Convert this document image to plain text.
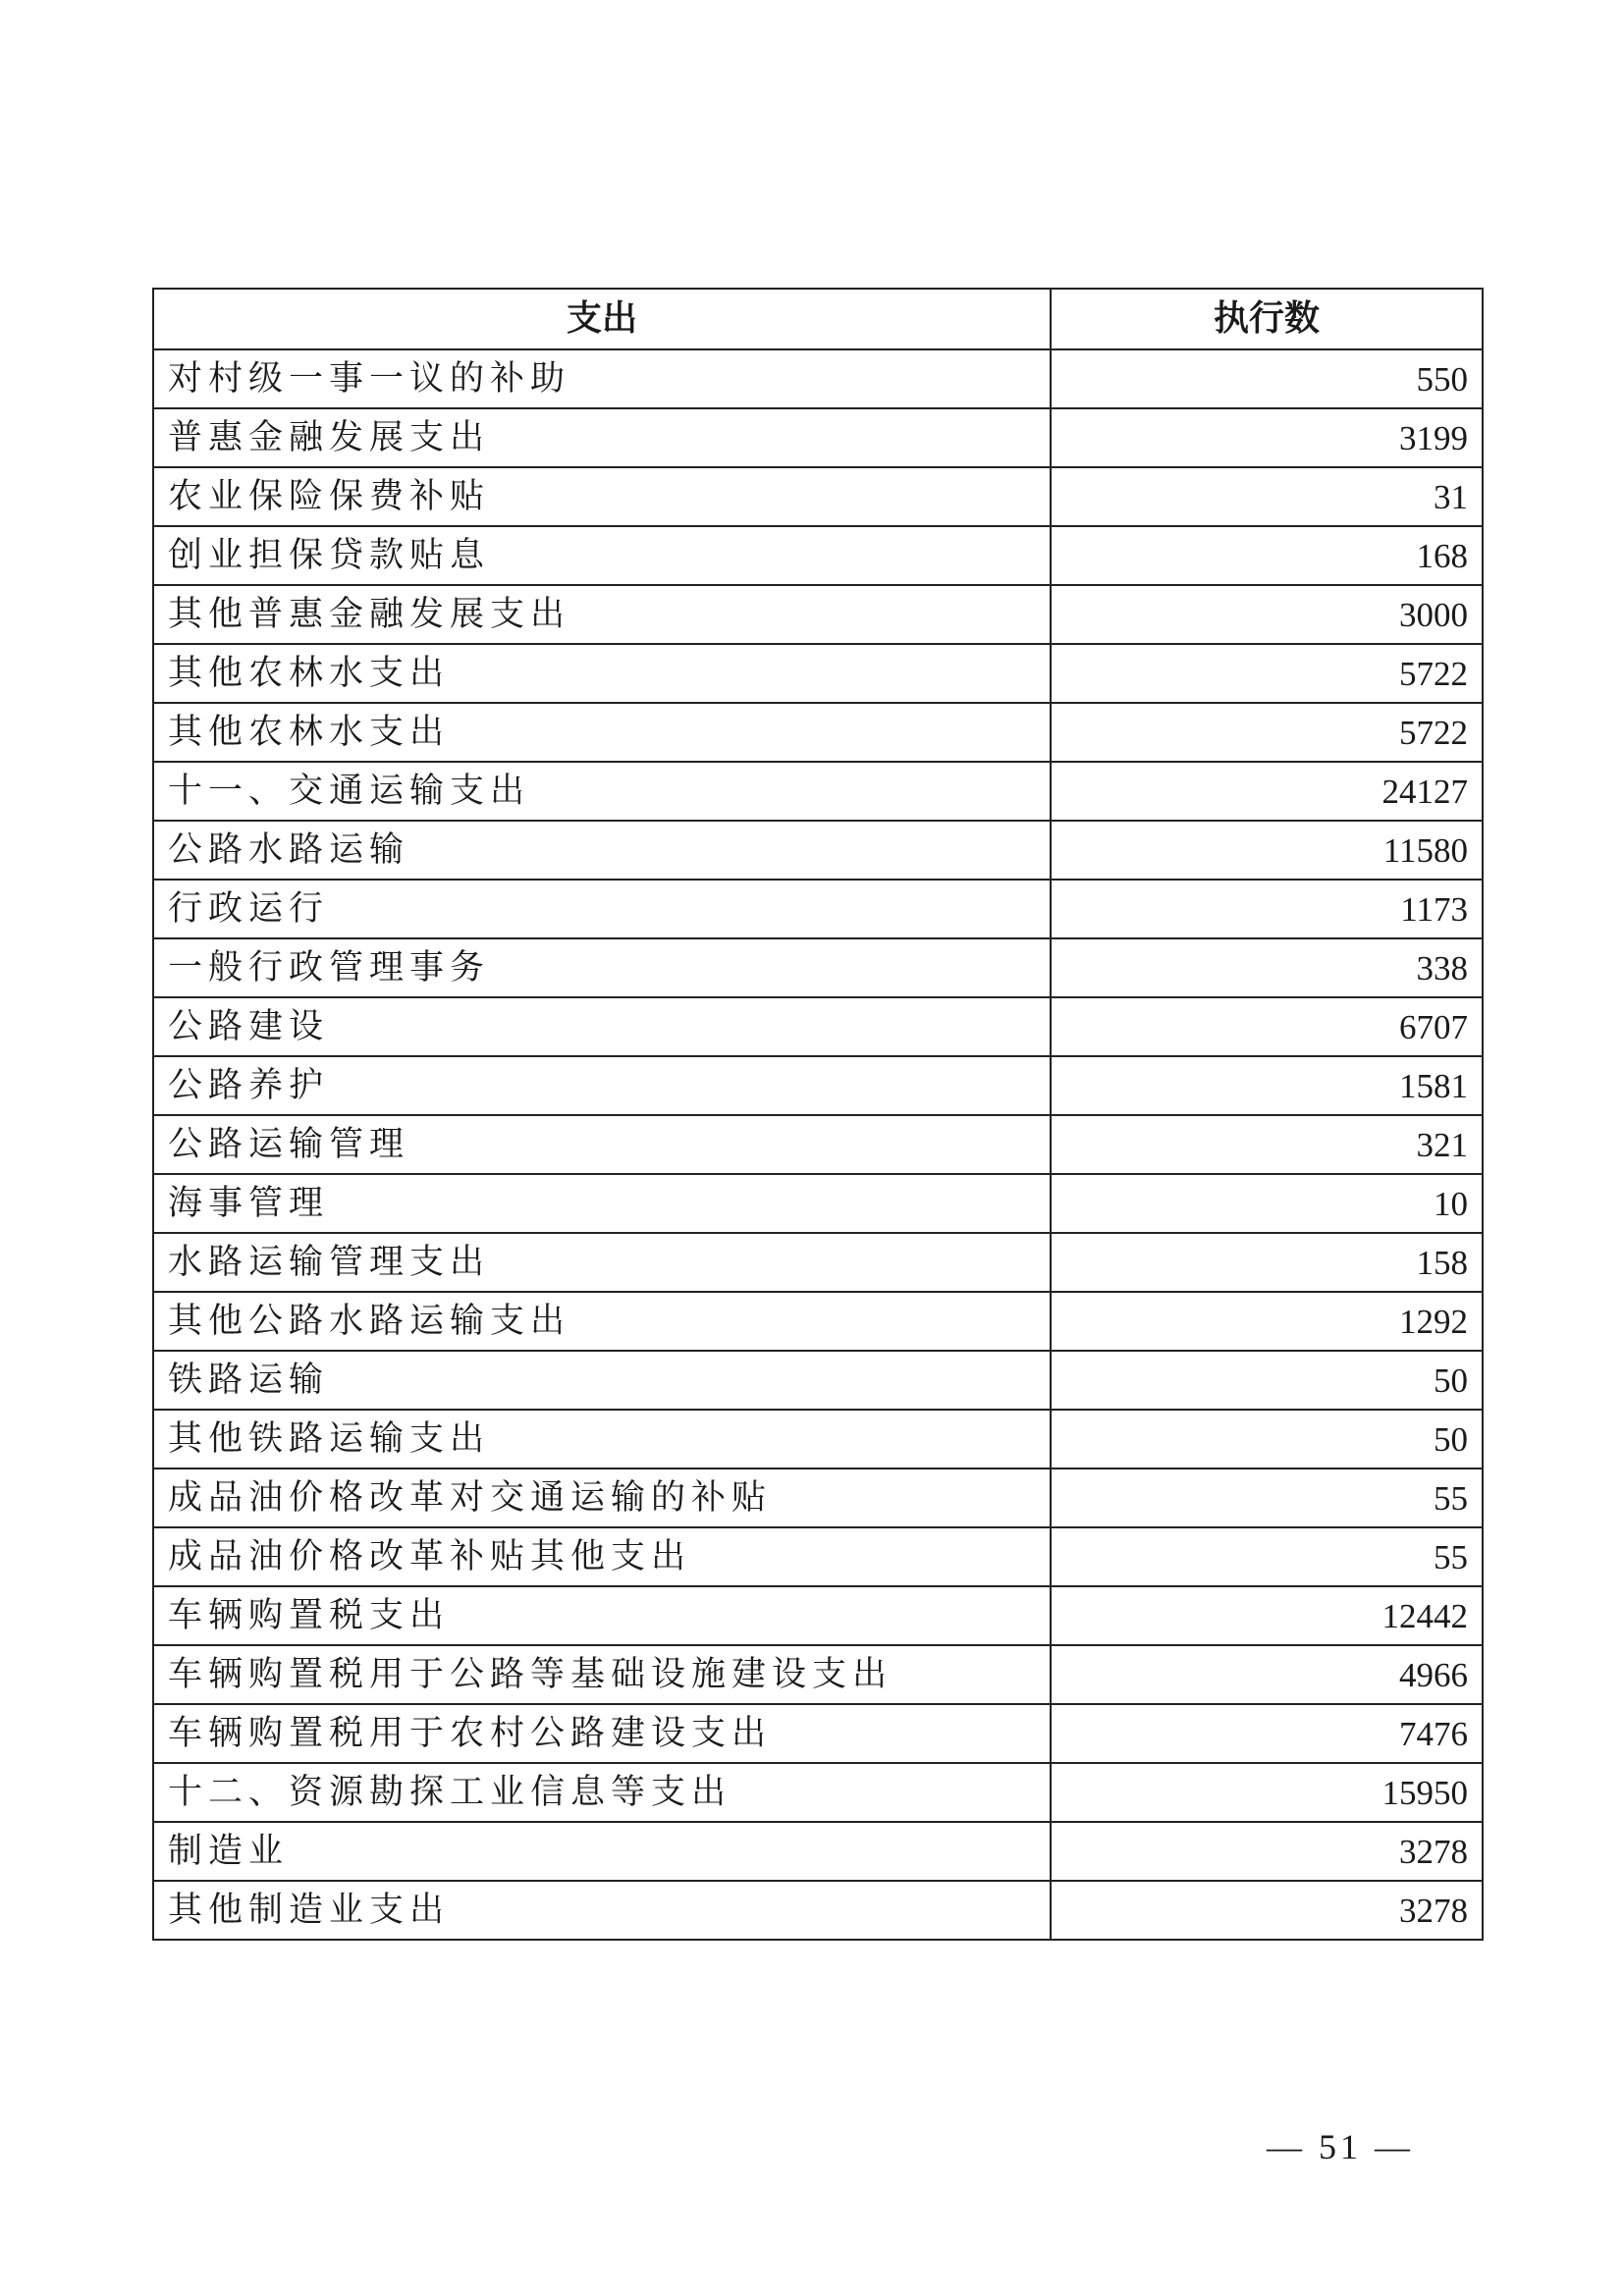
支出	执行数
对村级一事一议的补助	550
普惠金融发展支出	3199
农业保险保费补贴	31
创业担保贷款贴息	168
其他普惠金融发展支出	3000
其他农林水支出	5722
其他农林水支出	5722
十一、交通运输支出	24127
公路水路运输	11580
行政运行	1173
一般行政管理事务	338
公路建设	6707
公路养护	1581
公路运输管理	321
海事管理	10
水路运输管理支出	158
其他公路水路运输支出	1292
铁路运输	50
其他铁路运输支出	50
成品油价格改革对交通运输的补贴	55
成品油价格改革补贴其他支出	55
车辆购置税支出	12442
车辆购置税用于公路等基础设施建设支出	4966
车辆购置税用于农村公路建设支出	7476
十二、资源勘探工业信息等支出	15950
制造业	3278
其他制造业支出	3278
— 51 —
